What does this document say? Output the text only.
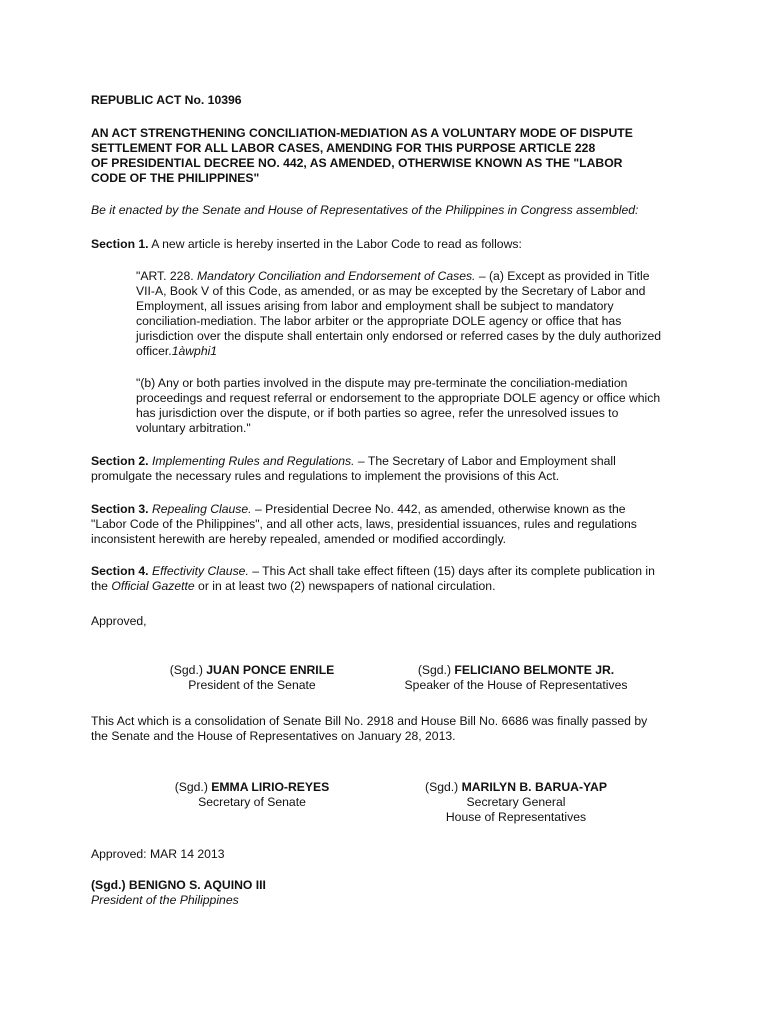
REPUBLIC ACT No. 10396
AN ACT STRENGTHENING CONCILIATION-MEDIATION AS A VOLUNTARY MODE OF DISPUTE
SETTLEMENT FOR ALL LABOR CASES, AMENDING FOR THIS PURPOSE ARTICLE 228
OF PRESIDENTIAL DECREE NO. 442, AS AMENDED, OTHERWISE KNOWN AS THE "LABOR
CODE OF THE PHILIPPINES"
Be it enacted by the Senate and House of Representatives of the Philippines in Congress assembled:
Section 1. A new article is hereby inserted in the Labor Code to read as follows:
"ART. 228. Mandatory Conciliation and Endorsement of Cases. – (a) Except as provided in Title
VII-A, Book V of this Code, as amended, or as may be excepted by the Secretary of Labor and
Employment, all issues arising from labor and employment shall be subject to mandatory
conciliation-mediation. The labor arbiter or the appropriate DOLE agency or office that has
jurisdiction over the dispute shall entertain only endorsed or referred cases by the duly authorized
officer.1àwphi1
"(b) Any or both parties involved in the dispute may pre-terminate the conciliation-mediation
proceedings and request referral or endorsement to the appropriate DOLE agency or office which
has jurisdiction over the dispute, or if both parties so agree, refer the unresolved issues to
voluntary arbitration."
Section 2. Implementing Rules and Regulations. – The Secretary of Labor and Employment shall
promulgate the necessary rules and regulations to implement the provisions of this Act.
Section 3. Repealing Clause. – Presidential Decree No. 442, as amended, otherwise known as the
"Labor Code of the Philippines", and all other acts, laws, presidential issuances, rules and regulations
inconsistent herewith are hereby repealed, amended or modified accordingly.
Section 4. Effectivity Clause. – This Act shall take effect fifteen (15) days after its complete publication in
the Official Gazette or in at least two (2) newspapers of national circulation.
Approved,
(Sgd.) JUAN PONCE ENRILE
President of the Senate
(Sgd.) FELICIANO BELMONTE JR.
Speaker of the House of Representatives
This Act which is a consolidation of Senate Bill No. 2918 and House Bill No. 6686 was finally passed by
the Senate and the House of Representatives on January 28, 2013.
(Sgd.) EMMA LIRIO-REYES
Secretary of Senate
(Sgd.) MARILYN B. BARUA-YAP
Secretary General
House of Representatives
Approved: MAR 14 2013
(Sgd.) BENIGNO S. AQUINO III
President of the Philippines
